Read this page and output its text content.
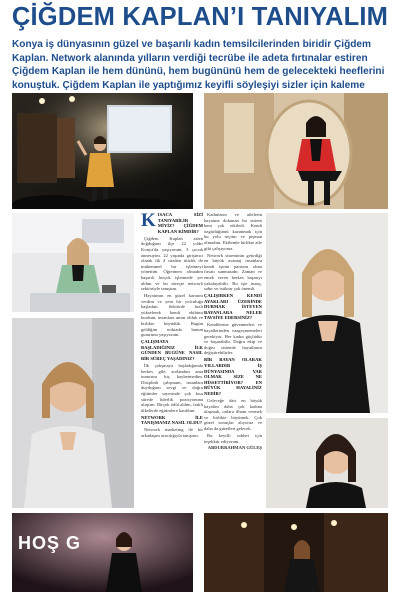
ÇİĞDEM KAPLAN’I TANIYALIM
Konya iş dünyasının güzel ve başarılı kadın temsilcilerinden biridir Çiğdem Kaplan. Network alanında yılların verdiği tecrübe ile adeta fırtınalar estiren Çiğdem Kaplan ile hem dününü, hem bugününü hem de gelecekteki heeflerini konuştuk. Çiğdem Kaplan ile yaptığımız keyifli söyleşiyi sizler için kaleme

KISACA SİZİ TANIYABİLİR MİYİZ? ÇİĞDEM KAPLAN KİMDİR?

Çiğdem Kaplan aslen doğduğum ilçe 22 yıldır Konya'da yaşıyorum. 3 çocuk annesiyim. 22 yaşında girişimci olarak ilk 4 cüzdan titizlik ile mükemmel bir işletmeyi yönettim. Öğretmen olmadım başarılı birçok işletmede yer aldım ve bu süreçte network sektörüyle tanıştım.

Hayatımın en güzel kararını verdim ve yeni bir yolculuğa başladım. Sektörde hızlı yükselerek kendi ekibimi kurdum, insanlara umut olduk ve birlikte büyüdük. Bugün geldiğim noktada bunun gururunu yaşıyorum.

ÇALIŞMAYA BAŞLADIĞINIZ İLK GÜNDEN BUGÜNE NASIL BİR SÜREÇ YAŞADINIZ?

İlk çalışmaya başladığımda herkes gibi zorlandım ama inancımı hiç kaybetmedim. Disiplinli çalışmam, insanlara duyduğum sevgi ve doğru eğitimler sayesinde çok kısa sürede liderlik pozisyonuna ulaştım. Birçok ödül aldım, farklı ülkelerde eğitimlere katıldım.

NETWORK İLE TANIŞMANIZ NASIL OLDU?

Network marketing ile bir arkadaşım aracılığıyla tanıştım.

Kadınların ve ailelerin hayatına dokunan bu sistem beni çok etkiledi. Kendi özgürlüğümü kazanmak için bu yolu seçtim ve pişman olmadım. Ekibimle birlikte aile gibi çalışıyoruz.

Network sisteminin getirdiği en büyük avantaj insanlara kendi işinin patronu olma fırsatı sunmasıdır. Zaman ve emek veren herkes başarıyı yakalayabilir. Bu işte inanç, sabır ve istikrar çok önemli.

ÇALIŞIRKEN KENDİ AYAKLARI ÜZERİNDE DURMAK İSTEYEN BAYANLARA NELER TAVSİYE EDERSİNİZ?

Kendilerine güvenmeleri ve hayallerinden vazgeçmemeleri gerekiyor. Her kadın güçlüdür ve başarabilir. Doğru ekip ve doğru sistemle hayatlarını değiştirebilirler.

BİR BAYAN OLARAK YILLARDIR İŞ DÜNYASINDA VAR OLMAK SİZE NE HİSSETTİRİYOR? EN BÜYÜK HAYALİNİZ NEDİR?

Geleceğe dair en büyük hayalim daha çok kadına ulaşmak, onlara ilham vermek ve birlikte büyümek. Çok güzel sonuçlar alıyoruz ve daha da güzelleri gelecek.

Bu keyifli sohbet için teşekkür ediyorum.

ABDURRAHMAN GÜLEŞ

HOŞ G
